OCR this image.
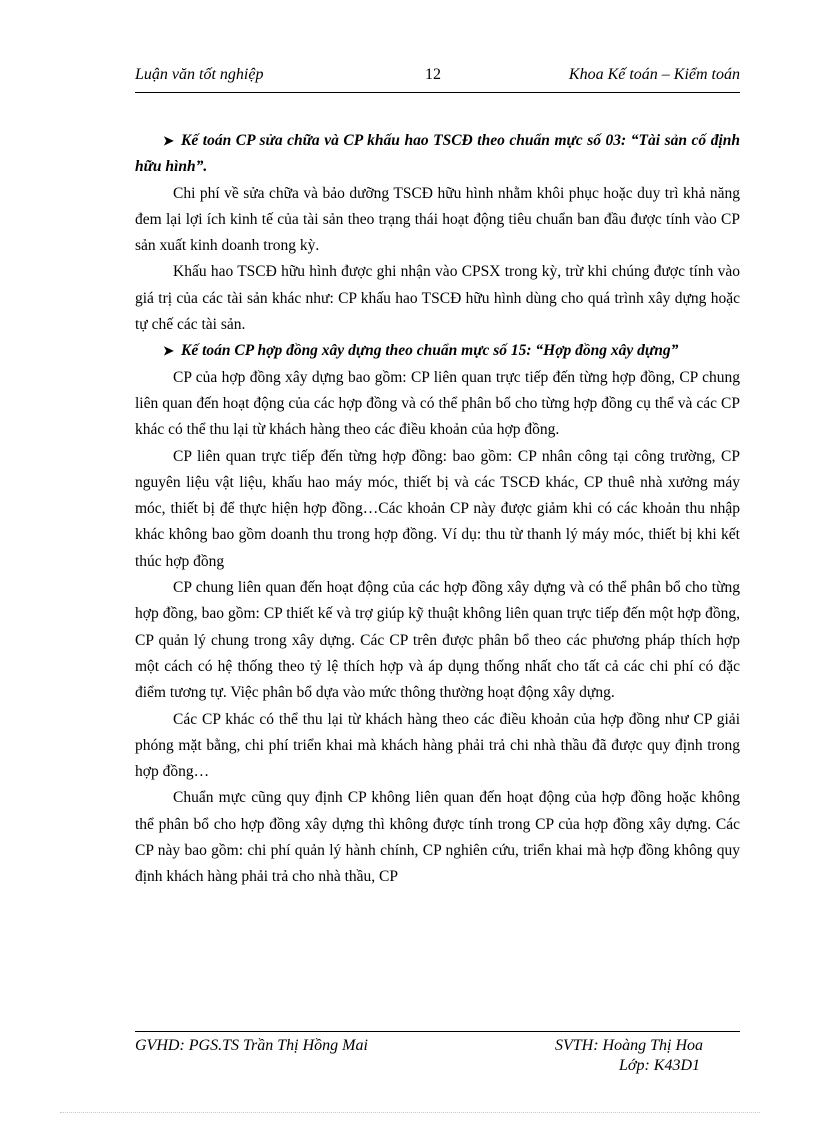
Luận văn tốt nghiệp	12	Khoa Kế toán – Kiểm toán

➤ Kế toán CP sửa chữa và CP khấu hao TSCĐ theo chuẩn mực số 03: “Tài sản cố định hữu hình”.

Chi phí về sửa chữa và bảo dưỡng TSCĐ hữu hình nhằm khôi phục hoặc duy trì khả năng đem lại lợi ích kinh tế của tài sản theo trạng thái hoạt động tiêu chuẩn ban đầu được tính vào CP sản xuất kinh doanh trong kỳ.

Khấu hao TSCĐ hữu hình được ghi nhận vào CPSX trong kỳ, trừ khi chúng được tính vào giá trị của các tài sản khác như: CP khấu hao TSCĐ hữu hình dùng cho quá trình xây dựng hoặc tự chế các tài sản.

➤ Kế toán CP hợp đồng xây dựng theo chuẩn mực số 15: “Hợp đồng xây dựng”

CP của hợp đồng xây dựng bao gồm: CP liên quan trực tiếp đến từng hợp đồng, CP chung liên quan đến hoạt động của các hợp đồng và có thể phân bổ cho từng hợp đồng cụ thể và các CP khác có thể thu lại từ khách hàng theo các điều khoản của hợp đồng.

CP liên quan trực tiếp đến từng hợp đồng: bao gồm: CP nhân công tại công trường, CP nguyên liệu vật liệu, khấu hao máy móc, thiết bị và các TSCĐ khác, CP thuê nhà xưởng máy móc, thiết bị để thực hiện hợp đồng…Các khoản CP này được giảm khi có các khoản thu nhập khác không bao gồm doanh thu trong hợp đồng. Ví dụ: thu từ thanh lý máy móc, thiết bị khi kết thúc hợp đồng

CP chung liên quan đến hoạt động của các hợp đồng xây dựng và có thể phân bổ cho từng hợp đồng, bao gồm: CP thiết kế và trợ giúp kỹ thuật không liên quan trực tiếp đến một hợp đồng, CP quản lý chung trong xây dựng. Các CP trên được phân bổ theo các phương pháp thích hợp một cách có hệ thống theo tỷ lệ thích hợp và áp dụng thống nhất cho tất cả các chi phí có đặc điểm tương tự. Việc phân bổ dựa vào mức thông thường hoạt động xây dựng.

Các CP khác có thể thu lại từ khách hàng theo các điều khoản của hợp đồng như CP giải phóng mặt bằng, chi phí triển khai mà khách hàng phải trả chi nhà thầu đã được quy định trong hợp đồng…

Chuẩn mực cũng quy định CP không liên quan đến hoạt động của hợp đồng hoặc không thể phân bổ cho hợp đồng xây dựng thì không được tính trong CP của hợp đồng xây dựng. Các CP này bao gồm: chi phí quản lý hành chính, CP nghiên cứu, triển khai mà hợp đồng không quy định khách hàng phải trả cho nhà thầu, CP

GVHD: PGS.TS Trần Thị Hồng Mai	SVTH: Hoàng Thị Hoa
Lớp: K43D1
